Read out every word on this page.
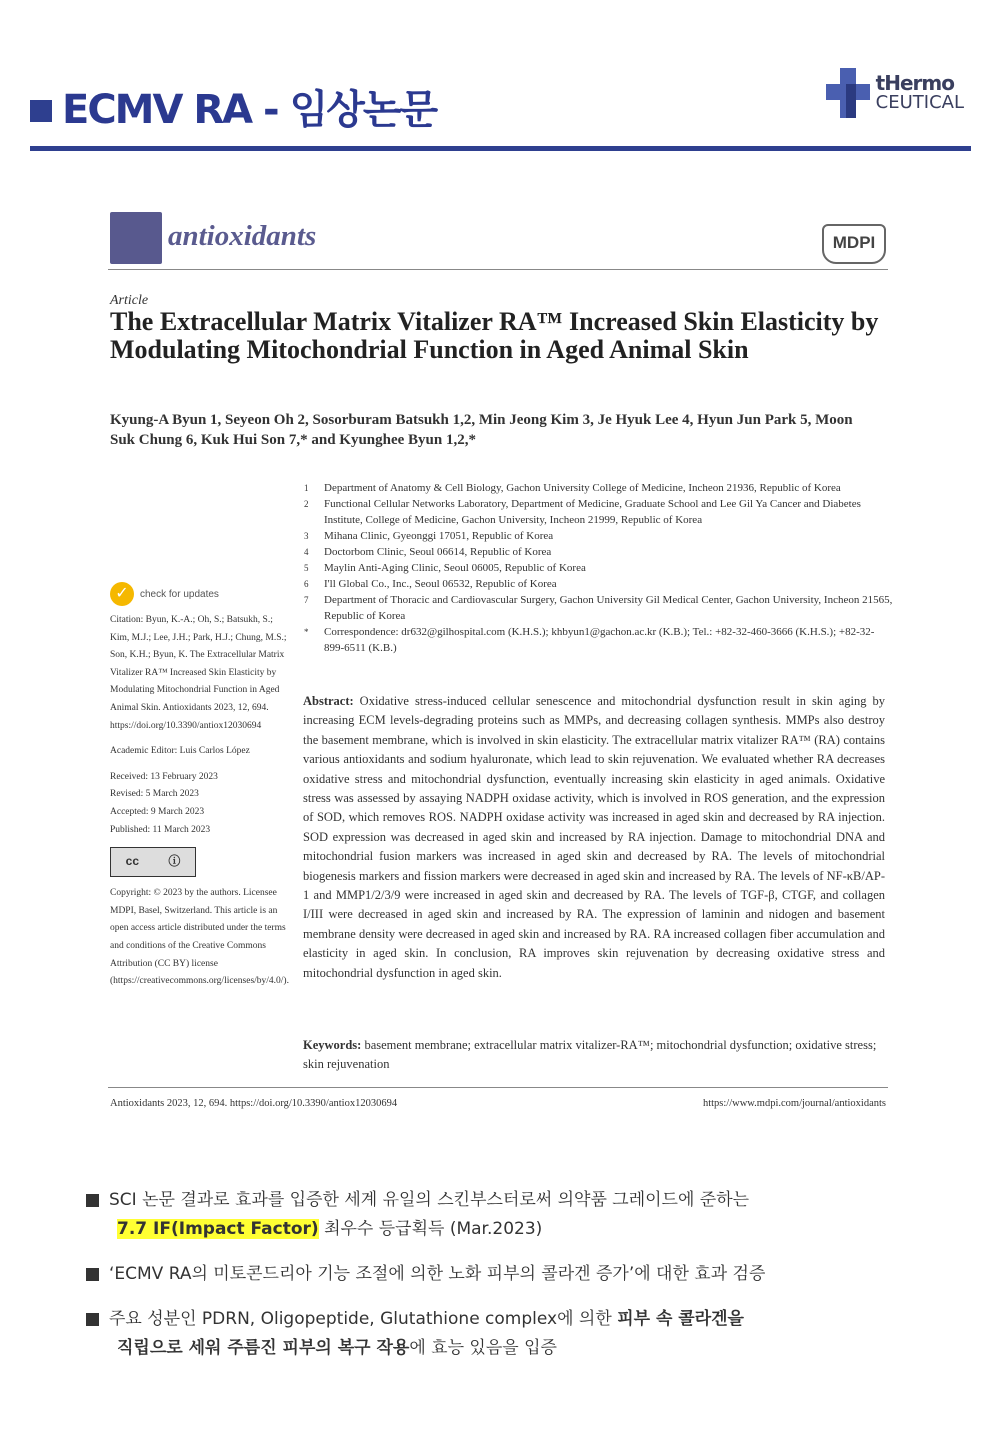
ECMV RA - 임상논문
tHermo
CEUTICAL
antioxidants	MDPI
Article
The Extracellular Matrix Vitalizer RA™ Increased Skin Elasticity by Modulating Mitochondrial Function in Aged Animal Skin
Kyung-A Byun 1, Seyeon Oh 2, Sosorburam Batsukh 1,2, Min Jeong Kim 3, Je Hyuk Lee 4, Hyun Jun Park 5, Moon Suk Chung 6, Kuk Hui Son 7,* and Kyunghee Byun 1,2,*
1	Department of Anatomy & Cell Biology, Gachon University College of Medicine, Incheon 21936, Republic of Korea
2	Functional Cellular Networks Laboratory, Department of Medicine, Graduate School and Lee Gil Ya Cancer and Diabetes Institute, College of Medicine, Gachon University, Incheon 21999, Republic of Korea
3	Mihana Clinic, Gyeonggi 17051, Republic of Korea
4	Doctorbom Clinic, Seoul 06614, Republic of Korea
5	Maylin Anti-Aging Clinic, Seoul 06005, Republic of Korea
6	I'll Global Co., Inc., Seoul 06532, Republic of Korea
7	Department of Thoracic and Cardiovascular Surgery, Gachon University Gil Medical Center, Gachon University, Incheon 21565, Republic of Korea
*	Correspondence: dr632@gilhospital.com (K.H.S.); khbyun1@gachon.ac.kr (K.B.); Tel.: +82-32-460-3666 (K.H.S.); +82-32-899-6511 (K.B.)
✓	check for updates
Citation: Byun, K.-A.; Oh, S.; Batsukh, S.; Kim, M.J.; Lee, J.H.; Park, H.J.; Chung, M.S.; Son, K.H.; Byun, K. The Extracellular Matrix Vitalizer RA™ Increased Skin Elasticity by Modulating Mitochondrial Function in Aged Animal Skin. Antioxidants 2023, 12, 694. https://doi.org/10.3390/antiox12030694
Academic Editor: Luis Carlos López
Received: 13 February 2023
Revised: 5 March 2023
Accepted: 9 March 2023
Published: 11 March 2023
cc ⓘ
Copyright: © 2023 by the authors. Licensee MDPI, Basel, Switzerland. This article is an open access article distributed under the terms and conditions of the Creative Commons Attribution (CC BY) license (https://creativecommons.org/licenses/by/4.0/).
Abstract: Oxidative stress-induced cellular senescence and mitochondrial dysfunction result in skin aging by increasing ECM levels-degrading proteins such as MMPs, and decreasing collagen synthesis. MMPs also destroy the basement membrane, which is involved in skin elasticity. The extracellular matrix vitalizer RA™ (RA) contains various antioxidants and sodium hyaluronate, which lead to skin rejuvenation. We evaluated whether RA decreases oxidative stress and mitochondrial dysfunction, eventually increasing skin elasticity in aged animals. Oxidative stress was assessed by assaying NADPH oxidase activity, which is involved in ROS generation, and the expression of SOD, which removes ROS. NADPH oxidase activity was increased in aged skin and decreased by RA injection. SOD expression was decreased in aged skin and increased by RA injection. Damage to mitochondrial DNA and mitochondrial fusion markers was increased in aged skin and decreased by RA. The levels of mitochondrial biogenesis markers and fission markers were decreased in aged skin and increased by RA. The levels of NF-κB/AP-1 and MMP1/2/3/9 were increased in aged skin and decreased by RA. The levels of TGF-β, CTGF, and collagen I/III were decreased in aged skin and increased by RA. The expression of laminin and nidogen and basement membrane density were decreased in aged skin and increased by RA. RA increased collagen fiber accumulation and elasticity in aged skin. In conclusion, RA improves skin rejuvenation by decreasing oxidative stress and mitochondrial dysfunction in aged skin.
Keywords: basement membrane; extracellular matrix vitalizer-RA™; mitochondrial dysfunction; oxidative stress; skin rejuvenation
Antioxidants 2023, 12, 694. https://doi.org/10.3390/antiox12030694	https://www.mdpi.com/journal/antioxidants
SCI 논문 결과로 효과를 입증한 세계 유일의 스킨부스터로써 의약품 그레이드에 준하는
7.7 IF(Impact Factor) 최우수 등급획득 (Mar.2023)
‘ECMV RA의 미토콘드리아 기능 조절에 의한 노화 피부의 콜라겐 증가’에 대한 효과 검증
주요 성분인 PDRN, Oligopeptide, Glutathione complex에 의한 피부 속 콜라겐을
직립으로 세워 주름진 피부의 복구 작용에 효능 있음을 입증
